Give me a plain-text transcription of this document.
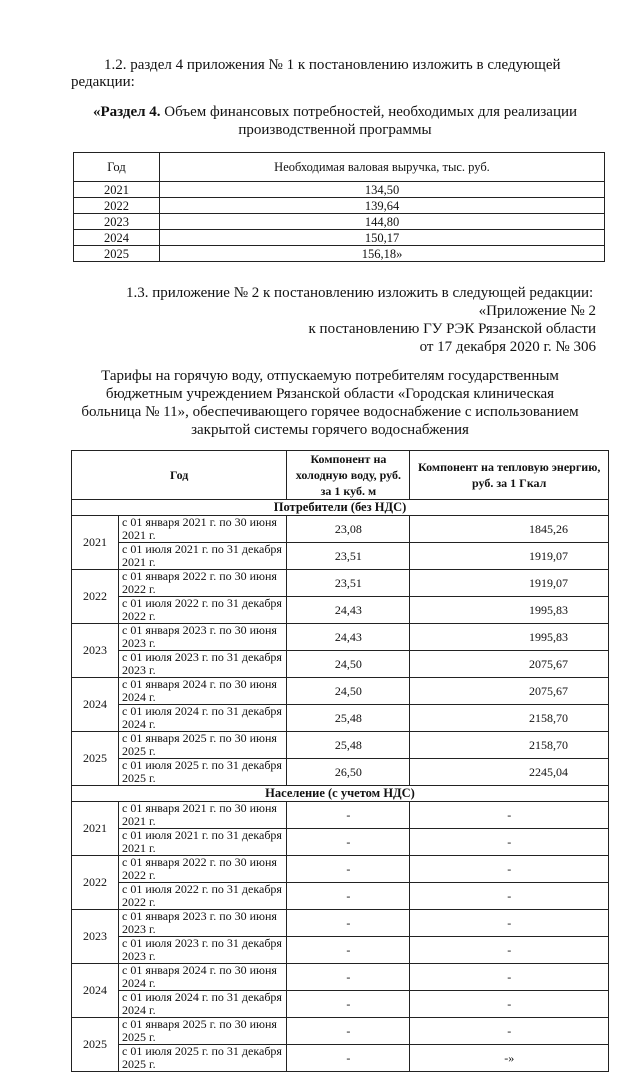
1.2. раздел 4 приложения № 1 к постановлению изложить в следующей
редакции:
«Раздел 4. Объем финансовых потребностей, необходимых для реализации
производственной программы
Год	Необходимая валовая выручка, тыс. руб.
2021	134,50
2022	139,64
2023	144,80
2024	150,17
2025	156,18»
1.3. приложение № 2 к постановлению изложить в следующей редакции:
«Приложение № 2
к постановлению ГУ РЭК Рязанской области
от 17 декабря 2020 г. № 306
Тарифы на горячую воду, отпускаемую потребителям государственным
бюджетным учреждением Рязанской области «Городская клиническая
больница № 11», обеспечивающего горячее водоснабжение с использованием
закрытой системы горячего водоснабжения
Год		Компонент на холодную воду, руб. за 1 куб. м	Компонент на тепловую энергию, руб. за 1 Гкал
Потребители (без НДС)			
2021	с 01 января 2021 г. по 30 июня 2021 г.	23,08	1845,26
	с 01 июля 2021 г. по 31 декабря 2021 г.	23,51	1919,07
2022	с 01 января 2022 г. по 30 июня 2022 г.	23,51	1919,07
	с 01 июля 2022 г. по 31 декабря 2022 г.	24,43	1995,83
2023	с 01 января 2023 г. по 30 июня 2023 г.	24,43	1995,83
	с 01 июля 2023 г. по 31 декабря 2023 г.	24,50	2075,67
2024	с 01 января 2024 г. по 30 июня 2024 г.	24,50	2075,67
	с 01 июля 2024 г. по 31 декабря 2024 г.	25,48	2158,70
2025	с 01 января 2025 г. по 30 июня 2025 г.	25,48	2158,70
	с 01 июля 2025 г. по 31 декабря 2025 г.	26,50	2245,04
Население (с учетом НДС)			
2021	с 01 января 2021 г. по 30 июня 2021 г.	-	-
	с 01 июля 2021 г. по 31 декабря 2021 г.	-	-
2022	с 01 января 2022 г. по 30 июня 2022 г.	-	-
	с 01 июля 2022 г. по 31 декабря 2022 г.	-	-
2023	с 01 января 2023 г. по 30 июня 2023 г.	-	-
	с 01 июля 2023 г. по 31 декабря 2023 г.	-	-
2024	с 01 января 2024 г. по 30 июня 2024 г.	-	-
	с 01 июля 2024 г. по 31 декабря 2024 г.	-	-
2025	с 01 января 2025 г. по 30 июня 2025 г.	-	-
	с 01 июля 2025 г. по 31 декабря 2025 г.	-	-»
